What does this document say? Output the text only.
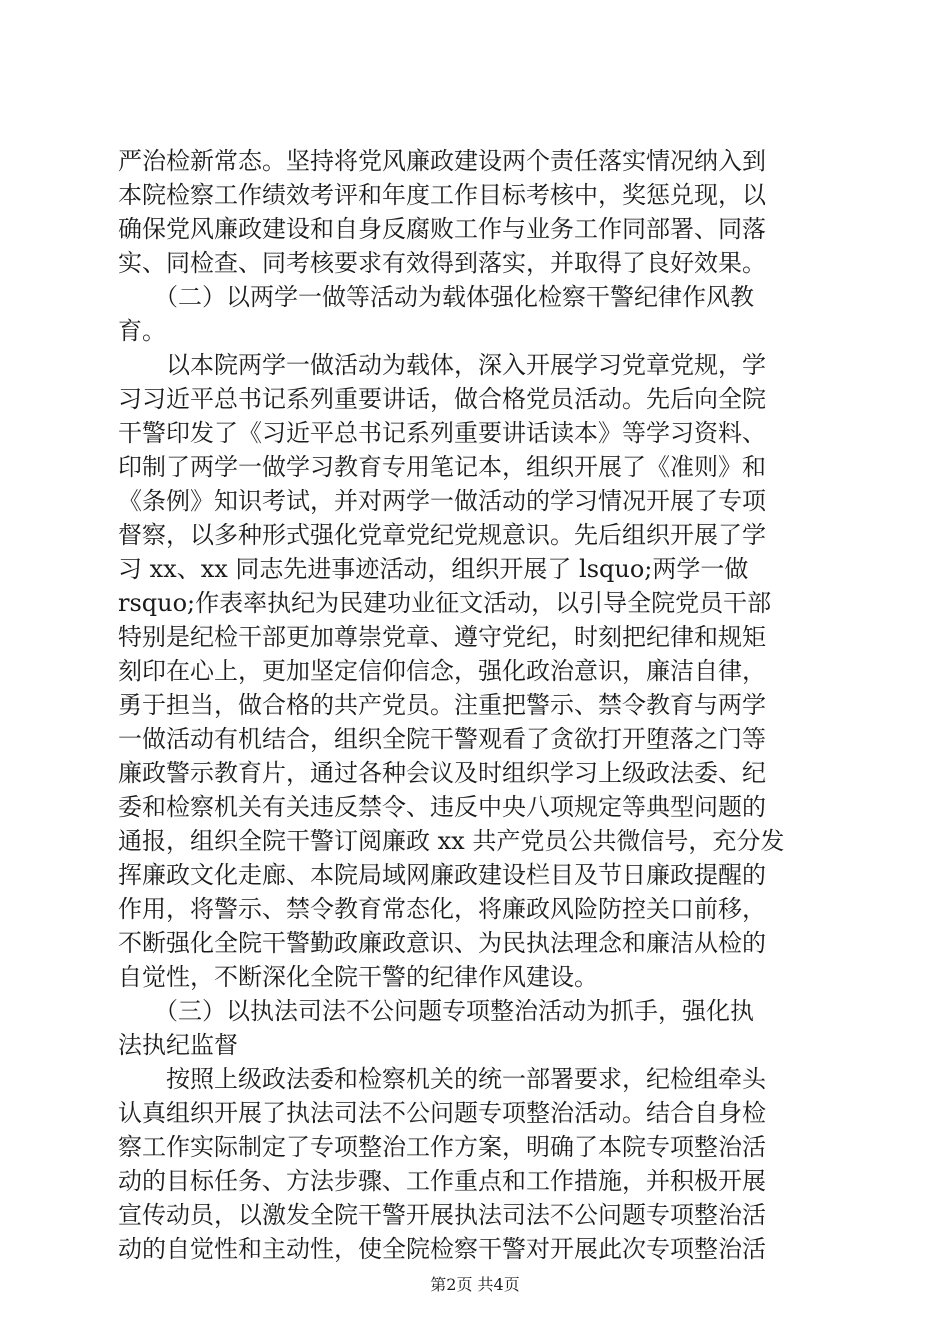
严治检新常态。坚持将党风廉政建设两个责任落实情况纳入到
本院检察工作绩效考评和年度工作目标考核中，奖惩兑现，以
确保党风廉政建设和自身反腐败工作与业务工作同部署、同落
实、同检查、同考核要求有效得到落实，并取得了良好效果。

　　（二）以两学一做等活动为载体强化检察干警纪律作风教
育。

　　以本院两学一做活动为载体，深入开展学习党章党规，学
习习近平总书记系列重要讲话，做合格党员活动。先后向全院
干警印发了《习近平总书记系列重要讲话读本》等学习资料、
印制了两学一做学习教育专用笔记本，组织开展了《准则》和
《条例》知识考试，并对两学一做活动的学习情况开展了专项
督察，以多种形式强化党章党纪党规意识。先后组织开展了学
习 xx、xx 同志先进事迹活动，组织开展了 lsquo;两学一做
rsquo;作表率执纪为民建功业征文活动，以引导全院党员干部
特别是纪检干部更加尊崇党章、遵守党纪，时刻把纪律和规矩
刻印在心上，更加坚定信仰信念，强化政治意识，廉洁自律，
勇于担当，做合格的共产党员。注重把警示、禁令教育与两学
一做活动有机结合，组织全院干警观看了贪欲打开堕落之门等
廉政警示教育片，通过各种会议及时组织学习上级政法委、纪
委和检察机关有关违反禁令、违反中央八项规定等典型问题的
通报，组织全院干警订阅廉政 xx 共产党员公共微信号，充分发
挥廉政文化走廊、本院局域网廉政建设栏目及节日廉政提醒的
作用，将警示、禁令教育常态化，将廉政风险防控关口前移，
不断强化全院干警勤政廉政意识、为民执法理念和廉洁从检的
自觉性，不断深化全院干警的纪律作风建设。

　　（三）以执法司法不公问题专项整治活动为抓手，强化执
法执纪监督

　　按照上级政法委和检察机关的统一部署要求，纪检组牵头
认真组织开展了执法司法不公问题专项整治活动。结合自身检
察工作实际制定了专项整治工作方案，明确了本院专项整治活
动的目标任务、方法步骤、工作重点和工作措施，并积极开展
宣传动员，以激发全院干警开展执法司法不公问题专项整治活
动的自觉性和主动性，使全院检察干警对开展此次专项整治活

第2页 共4页
